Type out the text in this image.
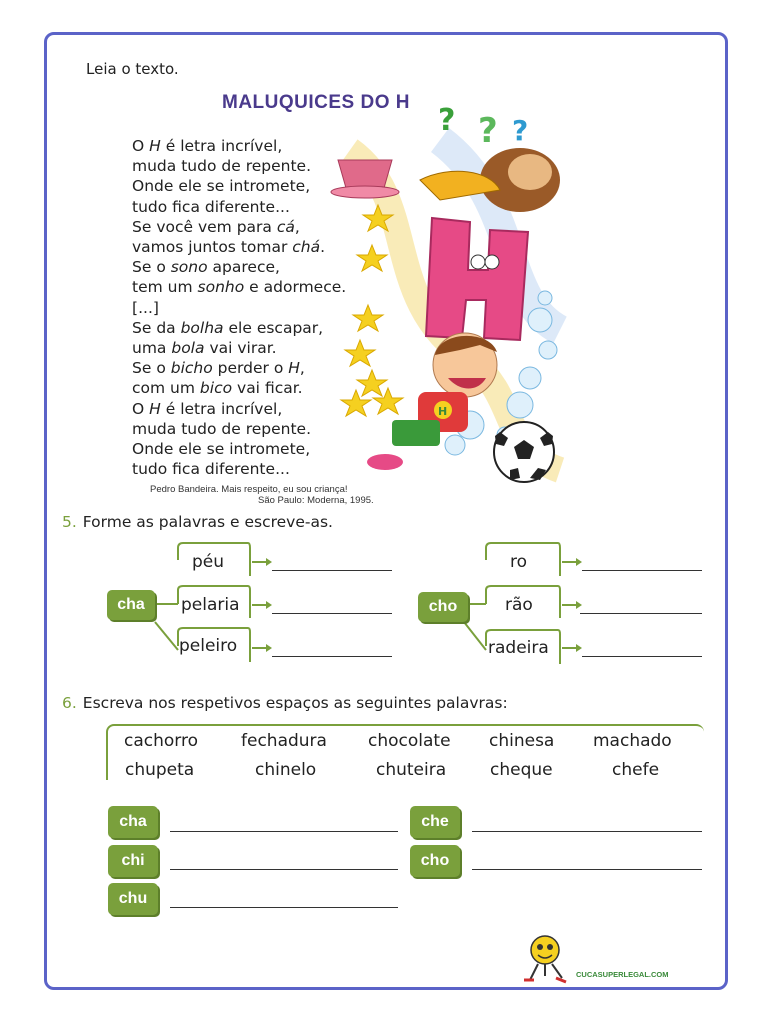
Leia o texto.
? ? ?
H
MALUQUICES DO H
O H é letra incrível,
muda tudo de repente.
Onde ele se intromete,
tudo fica diferente...
Se você vem para cá,
vamos juntos tomar chá.
Se o sono aparece,
tem um sonho e adormece.
[...]
Se da bolha ele escapar,
uma bola vai virar.
Se o bicho perder o H,
com um bico vai ficar.
O H é letra incrível,
muda tudo de repente.
Onde ele se intromete,
tudo fica diferente...
Pedro Bandeira. Mais respeito, eu sou criança!
São Paulo: Moderna, 1995.
5. Forme as palavras e escreve-as.
cha
péu
pelaria
peleiro
cho
ro
rão
radeira
6. Escreva nos respetivos espaços as seguintes palavras:
cachorro	fechadura chocolate chinesa machado
chupeta	chinelo	chuteira	cheque	chefe
cha	che
chi	cho
chu
CUCASUPERLEGAL.COM
